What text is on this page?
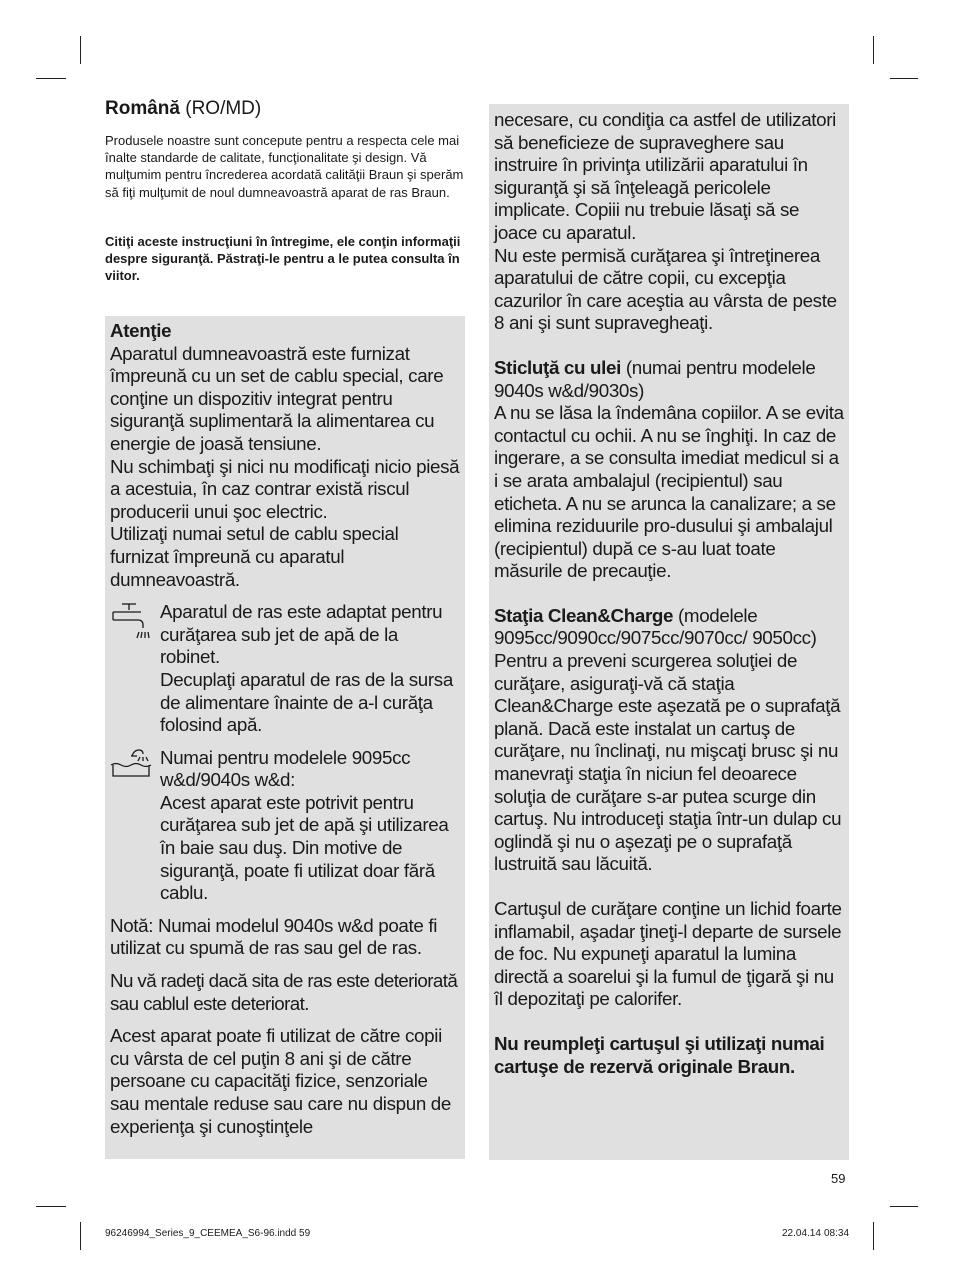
Română (RO/MD)
Produsele noastre sunt concepute pentru a respecta cele mai înalte standarde de calitate, funcţionalitate şi design. Vă mulţumim pentru încrederea acordată calităţii Braun şi sperăm să fiţi mulţumit de noul dumneavoastră aparat de ras Braun.
Citiţi aceste instrucţiuni în întregime, ele conţin informaţii despre siguranţă. Păstraţi-le pentru a le putea consulta în viitor.
Atenţie

Aparatul dumneavoastră este furnizat împreună cu un set de cablu special, care conţine un dispozitiv integrat pentru siguranţă suplimentară la alimentarea cu energie de joasă tensiune.

Nu schimbaţi şi nici nu modificaţi nicio piesă a acestuia, în caz contrar există riscul producerii unui şoc electric.

Utilizaţi numai setul de cablu special furnizat împreună cu aparatul dumneavoastră.

Aparatul de ras este adaptat pentru curăţarea sub jet de apă de la robinet.

Decuplaţi aparatul de ras de la sursa de alimentare înainte de a-l curăţa folosind apă.

Numai pentru modelele 9095cc w&d/9040s w&d:

Acest aparat este potrivit pentru curăţarea sub jet de apă şi utilizarea în baie sau duş. Din motive de siguranţă, poate fi utilizat doar fără cablu.

Notă: Numai modelul 9040s w&d poate fi utilizat cu spumă de ras sau gel de ras.

Nu vă radeţi dacă sita de ras este deteriorată sau cablul este deteriorat.

Acest aparat poate fi utilizat de către copii cu vârsta de cel puţin 8 ani şi de către persoane cu capacităţi fizice, senzoriale sau mentale reduse sau care nu dispun de experienţa şi cunoştinţele

necesare, cu condiţia ca astfel de utilizatori să beneficieze de supraveghere sau instruire în privinţa utilizării aparatului în siguranţă şi să înţeleagă pericolele implicate. Copiii nu trebuie lăsaţi să se joace cu aparatul.

Nu este permisă curăţarea şi întreţinerea aparatului de către copii, cu excepţia cazurilor în care aceştia au vârsta de peste 8 ani şi sunt supravegheaţi.

Sticluţă cu ulei (numai pentru modelele 9040s w&d/9030s)

A nu se lăsa la îndemâna copiilor. A se evita contactul cu ochii. A nu se înghiţi. In caz de ingerare, a se consulta imediat medicul si a i se arata ambalajul (recipientul) sau eticheta. A nu se arunca la canalizare; a se elimina reziduurile pro-dusului şi ambalajul (recipientul) după ce s-au luat toate măsurile de precauţie.

Staţia Clean&Charge (modelele 9095cc/9090cc/9075cc/9070cc/ 9050cc)

Pentru a preveni scurgerea soluţiei de curăţare, asiguraţi-vă că staţia Clean&Charge este aşezată pe o suprafaţă plană. Dacă este instalat un cartuş de curăţare, nu înclinaţi, nu mişcaţi brusc şi nu manevraţi staţia în niciun fel deoarece soluţia de curăţare s-ar putea scurge din cartuş. Nu introduceţi staţia într-un dulap cu oglindă şi nu o aşezaţi pe o suprafaţă lustruită sau lăcuită.

Cartuşul de curăţare conţine un lichid foarte inflamabil, aşadar ţineţi-l departe de sursele de foc. Nu expuneţi aparatul la lumina directă a soarelui şi la fumul de ţigară şi nu îl depozitaţi pe calorifer.

Nu reumpleţi cartuşul şi utilizaţi numai cartuşe de rezervă originale Braun.
59
96246994_Series_9_CEEMEA_S6-96.indd 59	22.04.14 08:34
